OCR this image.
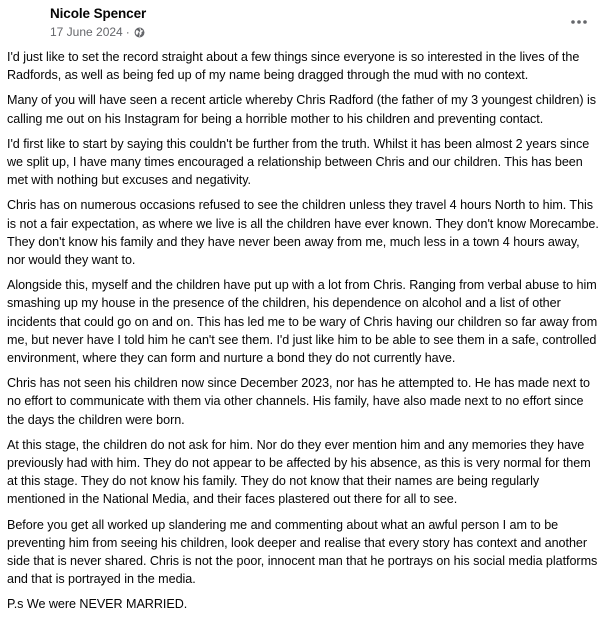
Nicole Spencer
17 June 2024 ·

I'd just like to set the record straight about a few things since everyone is so interested in the lives of the Radfords, as well as being fed up of my name being dragged through the mud with no context.

Many of you will have seen a recent article whereby Chris Radford (the father of my 3 youngest children) is calling me out on his Instagram for being a horrible mother to his children and preventing contact.

I'd first like to start by saying this couldn't be further from the truth. Whilst it has been almost 2 years since we split up, I have many times encouraged a relationship between Chris and our children. This has been met with nothing but excuses and negativity.

Chris has on numerous occasions refused to see the children unless they travel 4 hours North to him. This is not a fair expectation, as where we live is all the children have ever known. They don't know Morecambe. They don't know his family and they have never been away from me, much less in a town 4 hours away, nor would they want to.

Alongside this, myself and the children have put up with a lot from Chris. Ranging from verbal abuse to him smashing up my house in the presence of the children, his dependence on alcohol and a list of other incidents that could go on and on. This has led me to be wary of Chris having our children so far away from me, but never have I told him he can't see them. I'd just like him to be able to see them in a safe, controlled environment, where they can form and nurture a bond they do not currently have.

Chris has not seen his children now since December 2023, nor has he attempted to. He has made next to no effort to communicate with them via other channels. His family, have also made next to no effort since the days the children were born.

At this stage, the children do not ask for him. Nor do they ever mention him and any memories they have previously had with him. They do not appear to be affected by his absence, as this is very normal for them at this stage. They do not know his family. They do not know that their names are being regularly mentioned in the National Media, and their faces plastered out there for all to see.

Before you get all worked up slandering me and commenting about what an awful person I am to be preventing him from seeing his children, look deeper and realise that every story has context and another side that is never shared. Chris is not the poor, innocent man that he portrays on his social media platforms and that is portrayed in the media.

P.s We were NEVER MARRIED.
